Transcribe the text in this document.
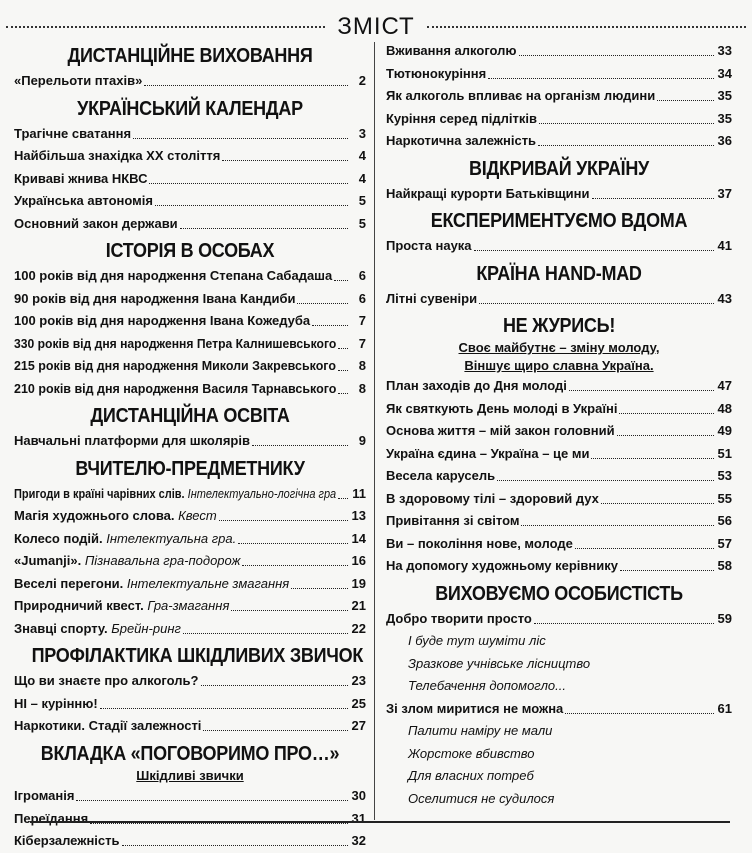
ЗМІСТ
ДИСТАНЦІЙНЕ ВИХОВАННЯ
«Перельоти птахів»	2
УКРАЇНСЬКИЙ КАЛЕНДАР
Трагічне сватання	3
Найбільша знахідка ХХ століття	4
Криваві жнива НКВС	4
Українська автономія	5
Основний закон держави	5
ІСТОРІЯ В ОСОБАХ
100 років від дня народження Степана Сабадаша	6
90 років від дня народження Івана Кандиби	6
100 років від дня народження Івана Кожедуба	7
330 років від дня народження Петра Калнишевського	7
215 років від дня народження Миколи Закревського	8
210 років від дня народження Василя Тарнавського	8
ДИСТАНЦІЙНА ОСВІТА
Навчальні платформи для школярів	9
ВЧИТЕЛЮ-ПРЕДМЕТНИКУ
Пригоди в країні чарівних слів. Інтелектуально-логічна гра 11
Магія художнього слова. Квест	13
Колесо подій. Інтелектуальна гра.	14
«Jumanji». Пізнавальна гра-подорож	16
Веселі перегони. Інтелектуальне змагання	19
Природничий квест. Гра-змагання	21
Знавці спорту. Брейн-ринг	22
ПРОФІЛАКТИКА ШКІДЛИВИХ ЗВИЧОК
Що ви знаєте про алкоголь?	23
НІ – курінню!	25
Наркотики. Стадії залежності	27
ВКЛАДКА «ПОГОВОРИМО ПРО…»
Шкідливі звички
Ігроманія	30
Переїдання	31
Кіберзалежність	32
Вживання алкоголю	33
Тютюнокуріння	34
Як алкоголь впливає на організм людини	35
Куріння серед підлітків	35
Наркотична залежність	36
ВІДКРИВАЙ УКРАЇНУ
Найкращі курорти Батьківщини	37
ЕКСПЕРИМЕНТУЄМО ВДОМА
Проста наука	41
КРАЇНА HAND-MAD
Літні сувеніри	43
НЕ ЖУРИСЬ!
Своє майбутнє – зміну молоду,
Віншує щиро славна Україна.
План заходів до Дня молоді	47
Як святкують День молоді в Україні	48
Основа життя – мій закон головний	49
Україна єдина – Україна – це ми	51
Весела карусель	53
В здоровому тілі – здоровий дух	55
Привітання зі світом	56
Ви – покоління нове, молоде	57
На допомогу художньому керівнику	58
ВИХОВУЄМО ОСОБИСТІСТЬ
Добро творити просто	59
І буде тут шуміти ліс
Зразкове учнівське лісництво
Телебачення допомогло...
Зі злом миритися не можна	61
Палити наміру не мали
Жорстоке вбивство
Для власних потреб
Оселитися не судилося
